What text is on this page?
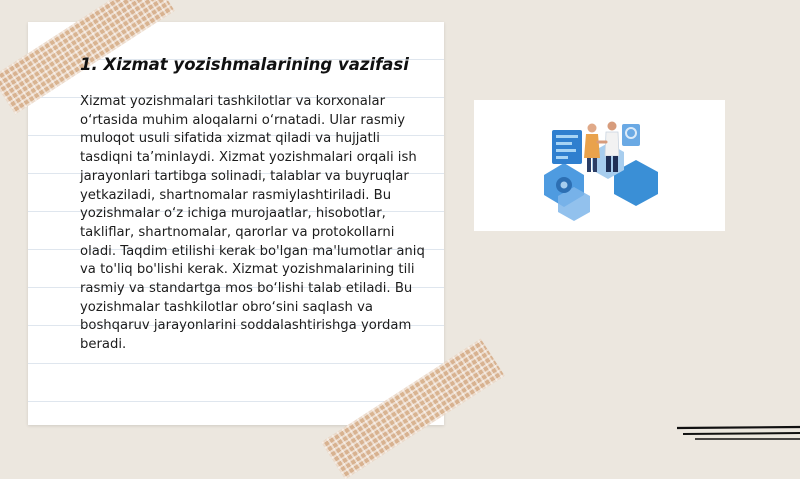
1. Xizmat yozishmalarining vazifasi

Xizmat yozishmalari tashkilotlar va korxonalar o‘rtasida muhim aloqalarni o‘rnatadi. Ular rasmiy muloqot usuli sifatida xizmat qiladi va hujjatli tasdiqni ta’minlaydi. Xizmat yozishmalari orqali ish jarayonlari tartibga solinadi, talablar va buyruqlar yetkaziladi, shartnomalar rasmiylashtiriladi. Bu yozishmalar o‘z ichiga murojaatlar, hisobotlar, takliflar, shartnomalar, qarorlar va protokollarni oladi. Taqdim etilishi kerak bo'lgan ma'lumotlar aniq va to'liq bo'lishi kerak. Xizmat yozishmalarining tili rasmiy va standartga mos bo‘lishi talab etiladi. Bu yozishmalar tashkilotlar obro‘sini saqlash va boshqaruv jarayonlarini soddalashtirishga yordam beradi.
